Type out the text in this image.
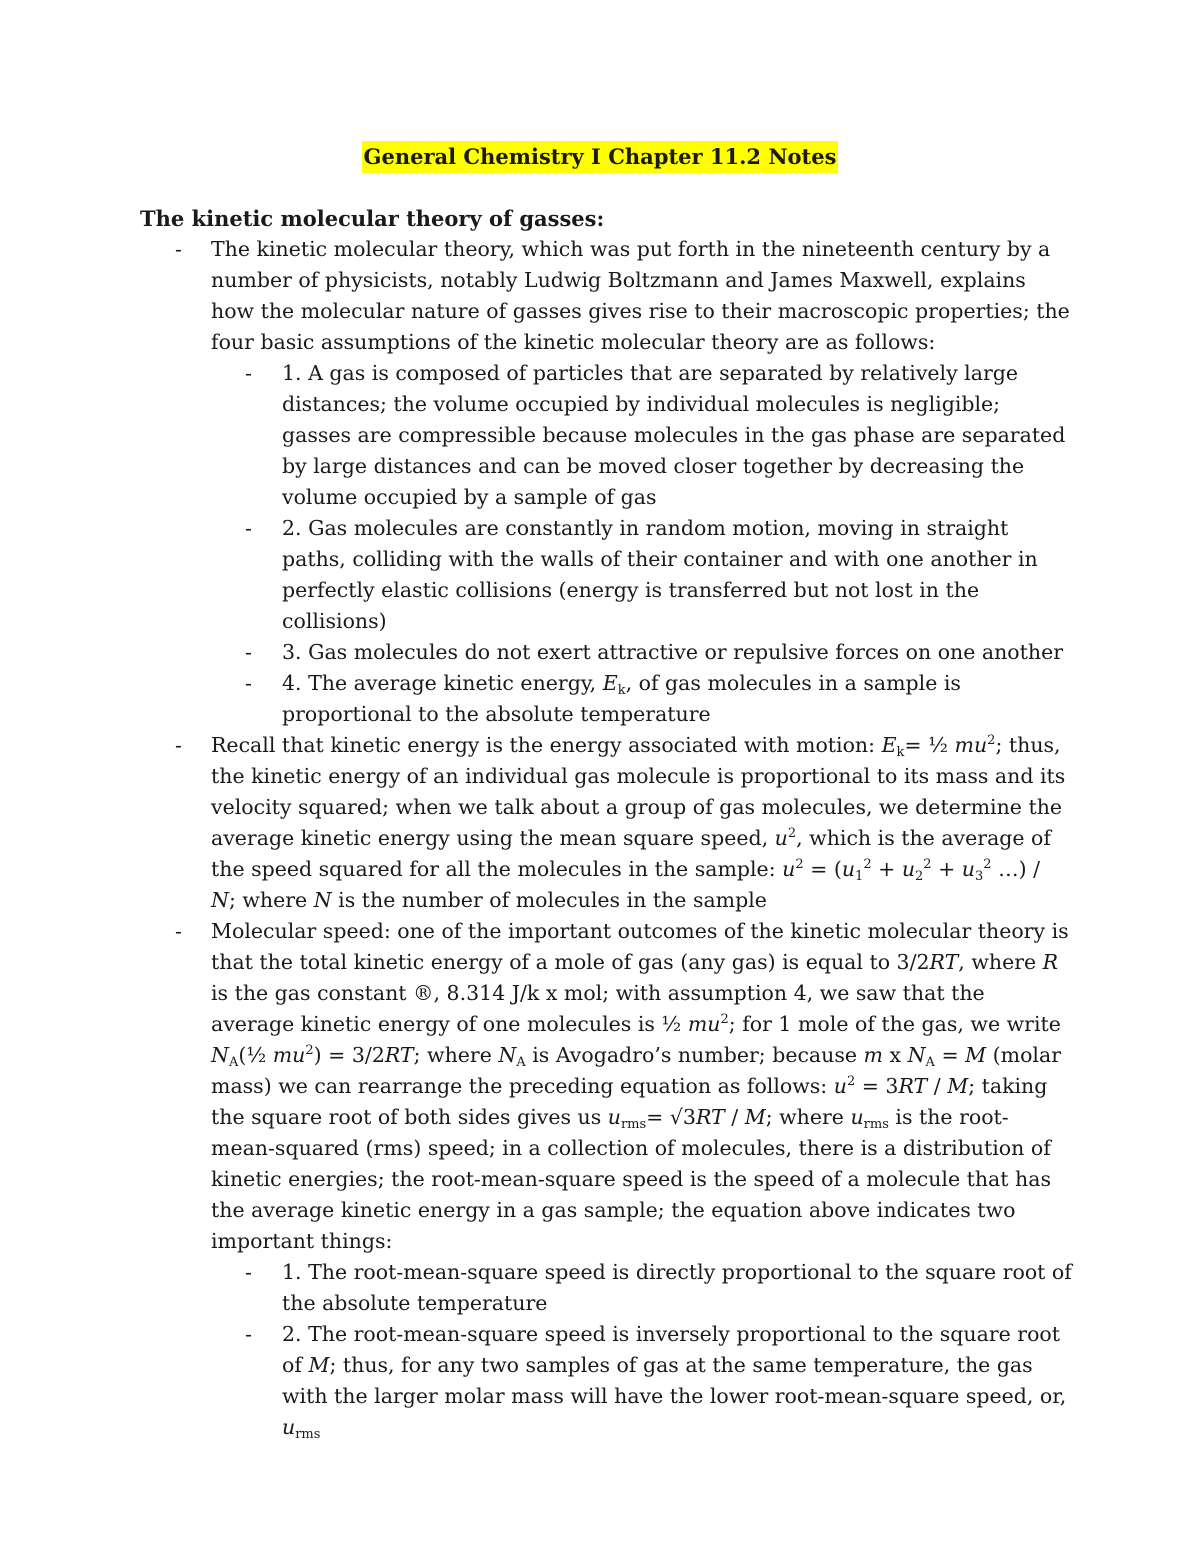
General Chemistry I Chapter 11.2 Notes
The kinetic molecular theory of gasses:
- The kinetic molecular theory, which was put forth in the nineteenth century by a number of physicists, notably Ludwig Boltzmann and James Maxwell, explains how the molecular nature of gasses gives rise to their macroscopic properties; the four basic assumptions of the kinetic molecular theory are as follows:
- 1. A gas is composed of particles that are separated by relatively large distances; the volume occupied by individual molecules is negligible; gasses are compressible because molecules in the gas phase are separated by large distances and can be moved closer together by decreasing the volume occupied by a sample of gas
- 2. Gas molecules are constantly in random motion, moving in straight paths, colliding with the walls of their container and with one another in perfectly elastic collisions (energy is transferred but not lost in the collisions)
- 3. Gas molecules do not exert attractive or repulsive forces on one another
- 4. The average kinetic energy, $E_k$, of gas molecules in a sample is proportional to the absolute temperature
- Recall that kinetic energy is the energy associated with motion: $E_k=$ ½ $mu^2$; thus, the kinetic energy of an individual gas molecule is proportional to its mass and its velocity squared; when we talk about a group of gas molecules, we determine the average kinetic energy using the mean square speed, $u^2$, which is the average of the speed squared for all the molecules in the sample: $u^2 = (u_1^2 + u_2^2 + u_3^2$ …) / N; where N is the number of molecules in the sample
- Molecular speed: one of the important outcomes of the kinetic molecular theory is that the total kinetic energy of a mole of gas (any gas) is equal to 3/2RT, where R is the gas constant ®, 8.314 J/k x mol; with assumption 4, we saw that the average kinetic energy of one molecules is ½ $mu^2$; for 1 mole of the gas, we write $N_A(\frac{1}{2}$ $mu^2) = 3/2RT$; where $N_A$ is Avogadro’s number; because m x $N_A = M$ (molar mass) we can rearrange the preceding equation as follows: $u^2 = 3RT / M$; taking the square root of both sides gives us $u_{rms}= √3RT / M$; where $u_{rms}$ is the root-mean-squared (rms) speed; in a collection of molecules, there is a distribution of kinetic energies; the root-mean-square speed is the speed of a molecule that has the average kinetic energy in a gas sample; the equation above indicates two important things:
- 1. The root-mean-square speed is directly proportional to the square root of the absolute temperature
- 2. The root-mean-square speed is inversely proportional to the square root of M; thus, for any two samples of gas at the same temperature, the gas with the larger molar mass will have the lower root-mean-square speed, or, $u_{rms}$
